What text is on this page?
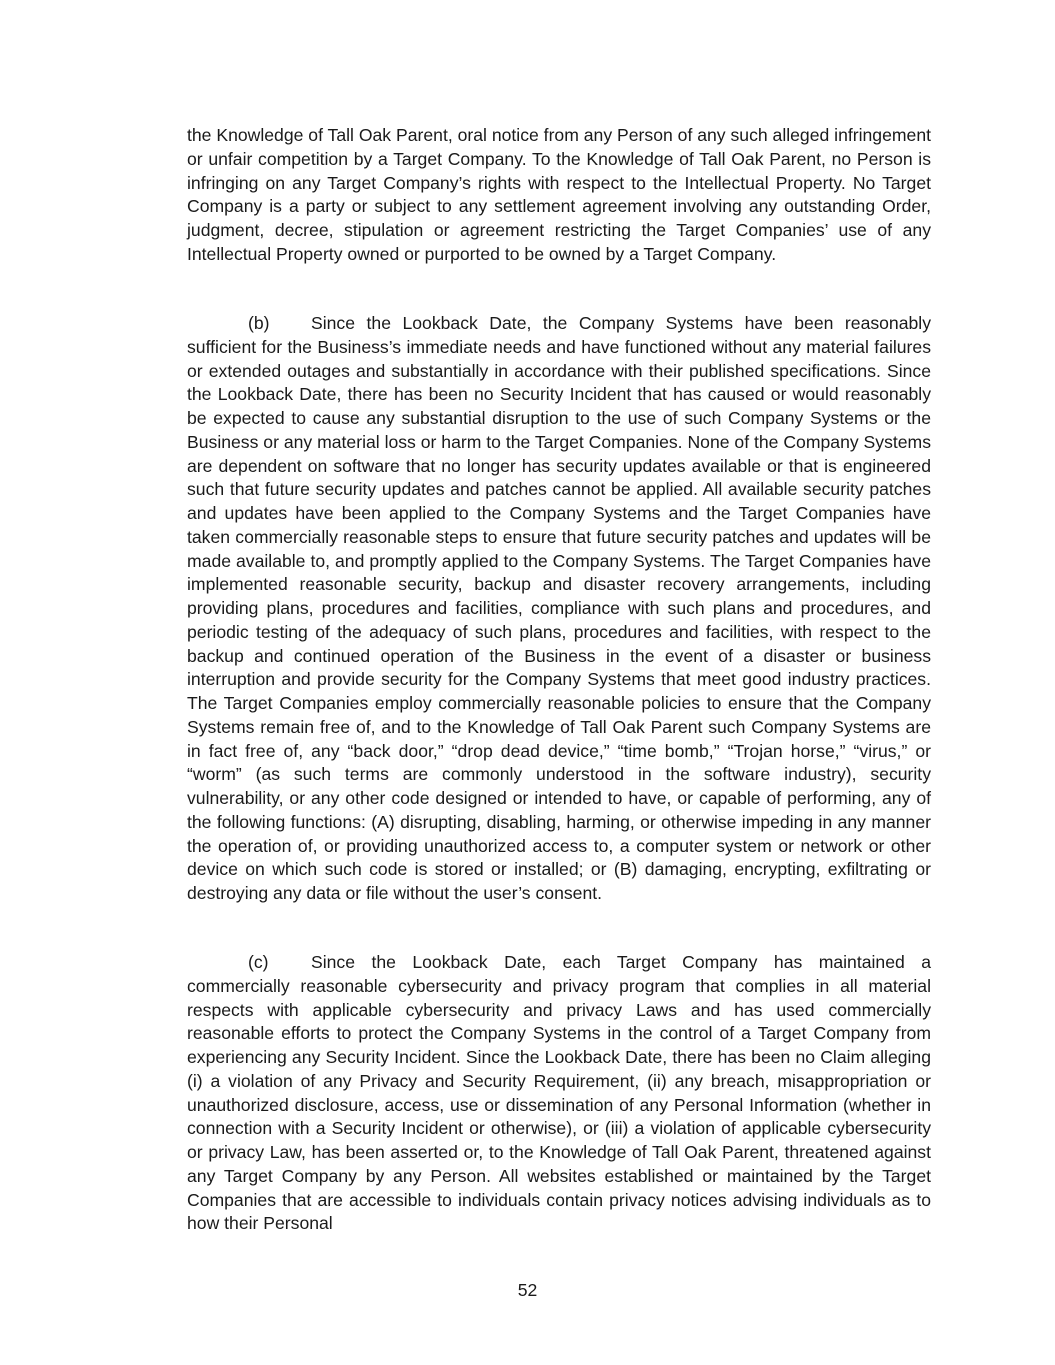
the Knowledge of Tall Oak Parent, oral notice from any Person of any such alleged infringement or unfair competition by a Target Company. To the Knowledge of Tall Oak Parent, no Person is infringing on any Target Company’s rights with respect to the Intellectual Property. No Target Company is a party or subject to any settlement agreement involving any outstanding Order, judgment, decree, stipulation or agreement restricting the Target Companies’ use of any Intellectual Property owned or purported to be owned by a Target Company.

(b) Since the Lookback Date, the Company Systems have been reasonably sufficient for the Business’s immediate needs and have functioned without any material failures or extended outages and substantially in accordance with their published specifications. Since the Lookback Date, there has been no Security Incident that has caused or would reasonably be expected to cause any substantial disruption to the use of such Company Systems or the Business or any material loss or harm to the Target Companies. None of the Company Systems are dependent on software that no longer has security updates available or that is engineered such that future security updates and patches cannot be applied. All available security patches and updates have been applied to the Company Systems and the Target Companies have taken commercially reasonable steps to ensure that future security patches and updates will be made available to, and promptly applied to the Company Systems. The Target Companies have implemented reasonable security, backup and disaster recovery arrangements, including providing plans, procedures and facilities, compliance with such plans and procedures, and periodic testing of the adequacy of such plans, procedures and facilities, with respect to the backup and continued operation of the Business in the event of a disaster or business interruption and provide security for the Company Systems that meet good industry practices. The Target Companies employ commercially reasonable policies to ensure that the Company Systems remain free of, and to the Knowledge of Tall Oak Parent such Company Systems are in fact free of, any “back door,” “drop dead device,” “time bomb,” “Trojan horse,” “virus,” or “worm” (as such terms are commonly understood in the software industry), security vulnerability, or any other code designed or intended to have, or capable of performing, any of the following functions: (A) disrupting, disabling, harming, or otherwise impeding in any manner the operation of, or providing unauthorized access to, a computer system or network or other device on which such code is stored or installed; or (B) damaging, encrypting, exfiltrating or destroying any data or file without the user’s consent.

(c) Since the Lookback Date, each Target Company has maintained a commercially reasonable cybersecurity and privacy program that complies in all material respects with applicable cybersecurity and privacy Laws and has used commercially reasonable efforts to protect the Company Systems in the control of a Target Company from experiencing any Security Incident. Since the Lookback Date, there has been no Claim alleging (i) a violation of any Privacy and Security Requirement, (ii) any breach, misappropriation or unauthorized disclosure, access, use or dissemination of any Personal Information (whether in connection with a Security Incident or otherwise), or (iii) a violation of applicable cybersecurity or privacy Law, has been asserted or, to the Knowledge of Tall Oak Parent, threatened against any Target Company by any Person. All websites established or maintained by the Target Companies that are accessible to individuals contain privacy notices advising individuals as to how their Personal

52
